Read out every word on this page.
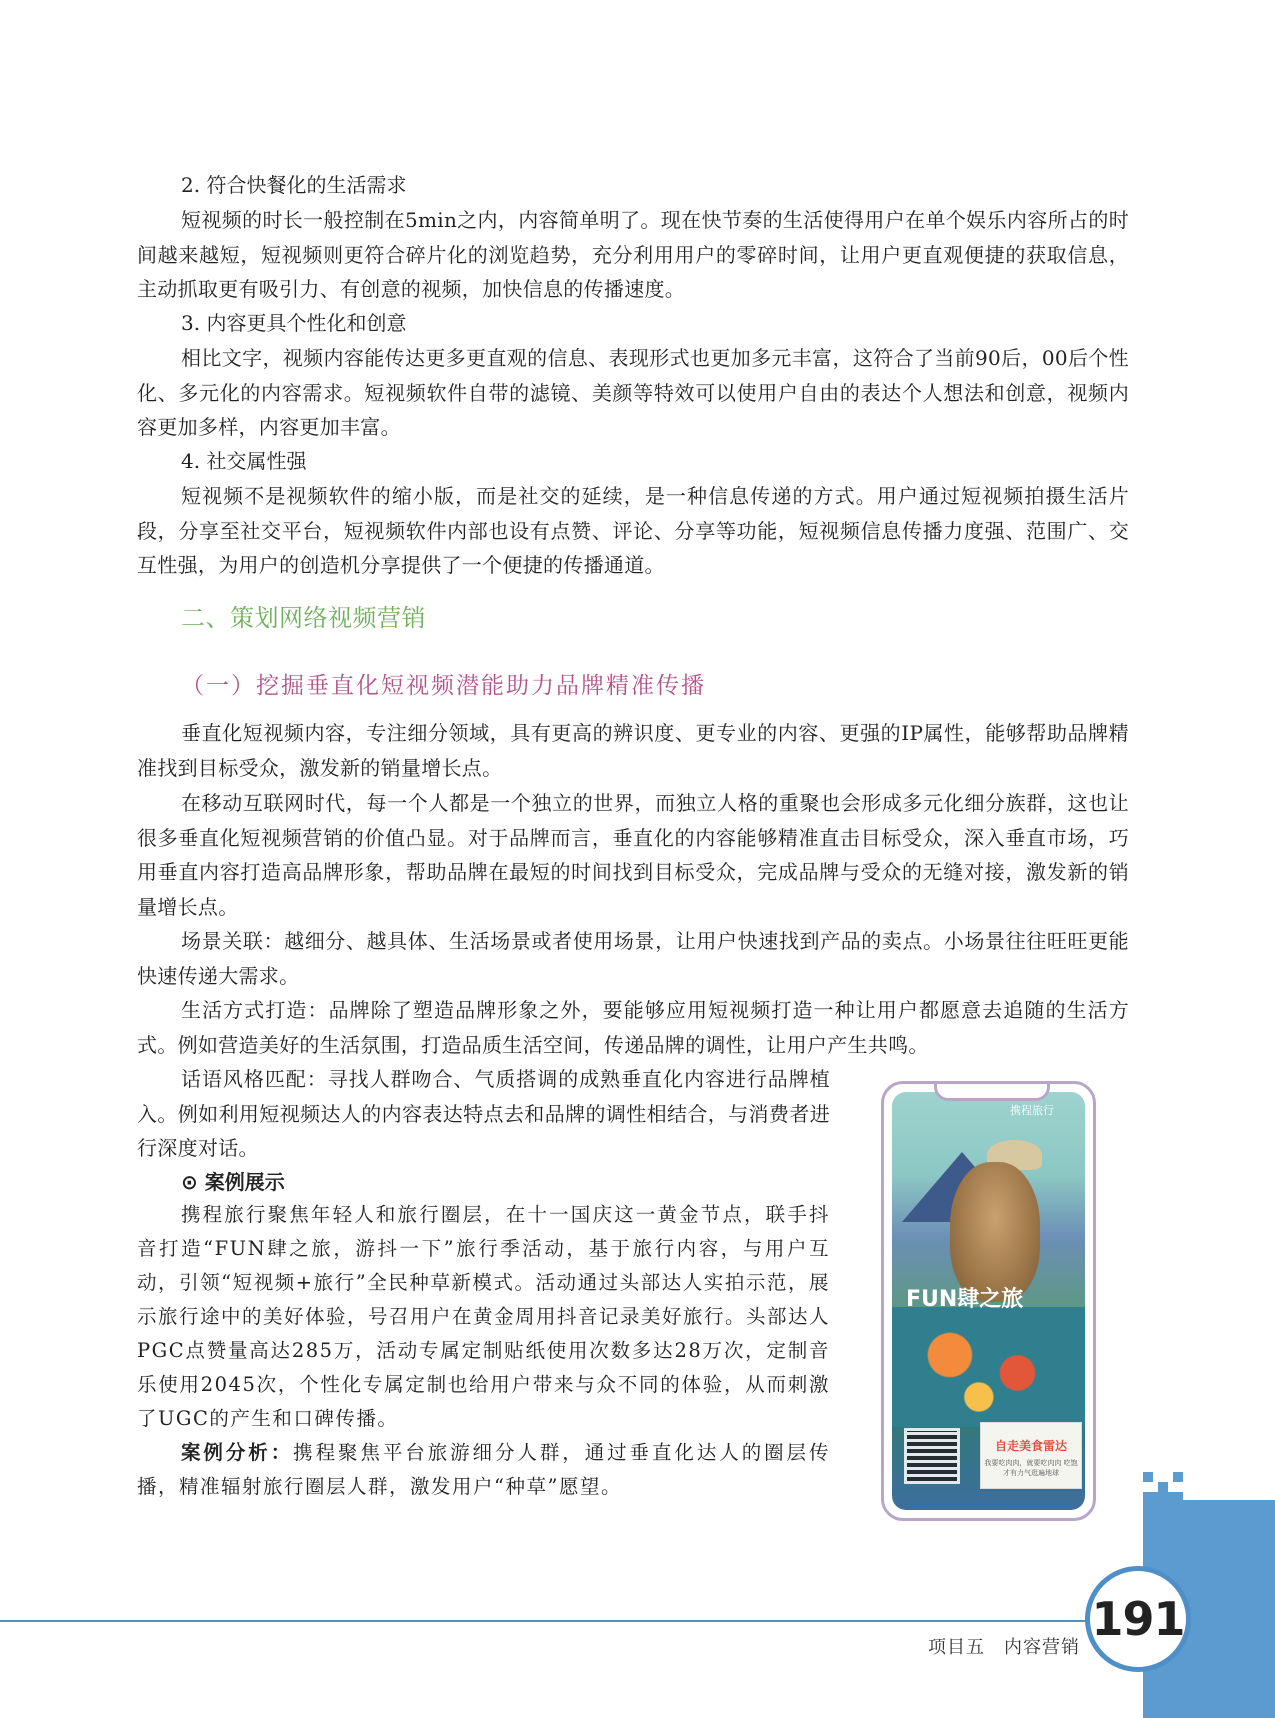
2. 符合快餐化的生活需求

短视频的时长一般控制在5min之内，内容简单明了。现在快节奏的生活使得用户在单个娱乐内容所占的时间越来越短，短视频则更符合碎片化的浏览趋势，充分利用用户的零碎时间，让用户更直观便捷的获取信息，主动抓取更有吸引力、有创意的视频，加快信息的传播速度。

3. 内容更具个性化和创意

相比文字，视频内容能传达更多更直观的信息、表现形式也更加多元丰富，这符合了当前90后，00后个性化、多元化的内容需求。短视频软件自带的滤镜、美颜等特效可以使用户自由的表达个人想法和创意，视频内容更加多样，内容更加丰富。

4. 社交属性强

短视频不是视频软件的缩小版，而是社交的延续，是一种信息传递的方式。用户通过短视频拍摄生活片段，分享至社交平台，短视频软件内部也设有点赞、评论、分享等功能，短视频信息传播力度强、范围广、交互性强，为用户的创造机分享提供了一个便捷的传播通道。

二、策划网络视频营销
（一）挖掘垂直化短视频潜能助力品牌精准传播

垂直化短视频内容，专注细分领域，具有更高的辨识度、更专业的内容、更强的IP属性，能够帮助品牌精准找到目标受众，激发新的销量增长点。

在移动互联网时代，每一个人都是一个独立的世界，而独立人格的重聚也会形成多元化细分族群，这也让很多垂直化短视频营销的价值凸显。对于品牌而言，垂直化的内容能够精准直击目标受众，深入垂直市场，巧用垂直内容打造高品牌形象，帮助品牌在最短的时间找到目标受众，完成品牌与受众的无缝对接，激发新的销量增长点。

场景关联：越细分、越具体、生活场景或者使用场景，让用户快速找到产品的卖点。小场景往往旺旺更能快速传递大需求。

生活方式打造：品牌除了塑造品牌形象之外，要能够应用短视频打造一种让用户都愿意去追随的生活方式。例如营造美好的生活氛围，打造品质生活空间，传递品牌的调性，让用户产生共鸣。

话语风格匹配：寻找人群吻合、气质搭调的成熟垂直化内容进行品牌植入。例如利用短视频达人的内容表达特点去和品牌的调性相结合，与消费者进行深度对话。

⊙ 案例展示

携程旅行聚焦年轻人和旅行圈层，在十一国庆这一黄金节点，联手抖音打造“FUN肆之旅，游抖一下”旅行季活动，基于旅行内容，与用户互动，引领“短视频+旅行”全民种草新模式。活动通过头部达人实拍示范，展示旅行途中的美好体验，号召用户在黄金周用抖音记录美好旅行。头部达人PGC点赞量高达285万，活动专属定制贴纸使用次数多达28万次，定制音乐使用2045次，个性化专属定制也给用户带来与众不同的体验，从而刺激了UGC的产生和口碑传播。

案例分析：携程聚焦平台旅游细分人群，通过垂直化达人的圈层传播，精准辐射旅行圈层人群，激发用户“种草”愿望。

携程旅行
FUN肆之旅
自走美食雷达
我要吃肉肉，就要吃肉肉 吃饱才有力气逛遍地球
项目五　内容营销
191
